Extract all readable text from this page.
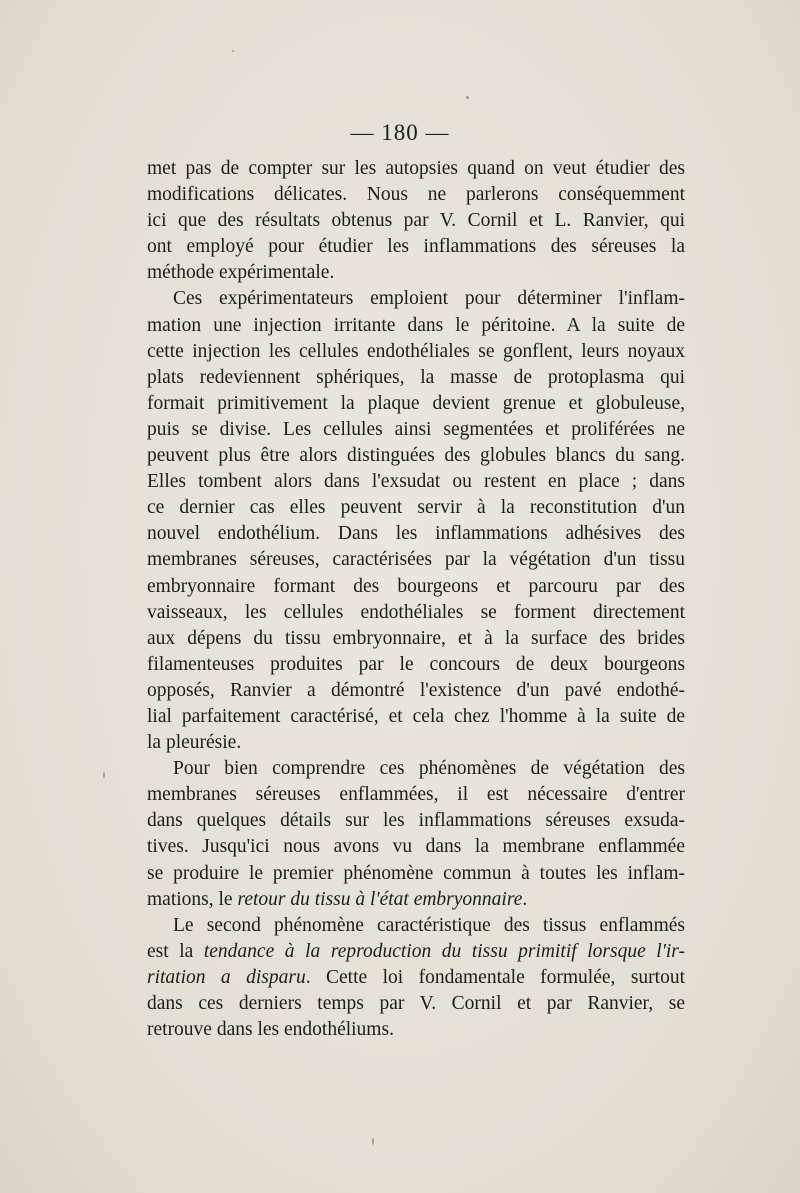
— 180 —
met pas de compter sur les autopsies quand on veut étudier des
modifications délicates. Nous ne parlerons conséquemment
ici que des résultats obtenus par V. Cornil et L. Ranvier, qui
ont employé pour étudier les inflammations des séreuses la
méthode expérimentale.
Ces expérimentateurs emploient pour déterminer l'inflam-
mation une injection irritante dans le péritoine. A la suite de
cette injection les cellules endothéliales se gonflent, leurs noyaux
plats redeviennent sphériques, la masse de protoplasma qui
formait primitivement la plaque devient grenue et globuleuse,
puis se divise. Les cellules ainsi segmentées et proliférées ne
peuvent plus être alors distinguées des globules blancs du sang.
Elles tombent alors dans l'exsudat ou restent en place ; dans
ce dernier cas elles peuvent servir à la reconstitution d'un
nouvel endothélium. Dans les inflammations adhésives des
membranes séreuses, caractérisées par la végétation d'un tissu
embryonnaire formant des bourgeons et parcouru par des
vaisseaux, les cellules endothéliales se forment directement
aux dépens du tissu embryonnaire, et à la surface des brides
filamenteuses produites par le concours de deux bourgeons
opposés, Ranvier a démontré l'existence d'un pavé endothé-
lial parfaitement caractérisé, et cela chez l'homme à la suite de
la pleurésie.
Pour bien comprendre ces phénomènes de végétation des
membranes séreuses enflammées, il est nécessaire d'entrer
dans quelques détails sur les inflammations séreuses exsuda-
tives. Jusqu'ici nous avons vu dans la membrane enflammée
se produire le premier phénomène commun à toutes les inflam-
mations, le retour du tissu à l'état embryonnaire.
Le second phénomène caractéristique des tissus enflammés
est la tendance à la reproduction du tissu primitif lorsque l'ir-
ritation a disparu. Cette loi fondamentale formulée, surtout
dans ces derniers temps par V. Cornil et par Ranvier, se
retrouve dans les endothéliums.
